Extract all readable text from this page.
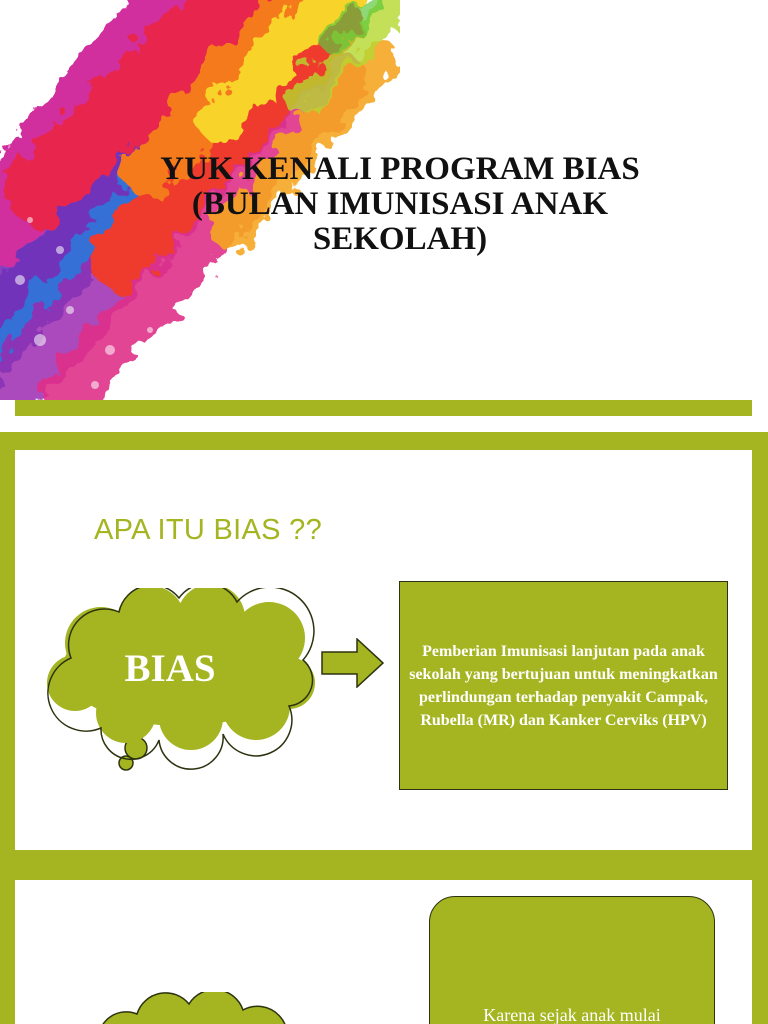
YUK KENALI PROGRAM BIAS
(BULAN IMUNISASI ANAK
SEKOLAH)
APA ITU BIAS ??
BIAS	Pemberian Imunisasi lanjutan pada anak sekolah yang bertujuan untuk meningkatkan perlindungan terhadap penyakit Campak, Rubella (MR) dan Kanker Cerviks (HPV)
Karena sejak anak mulai
